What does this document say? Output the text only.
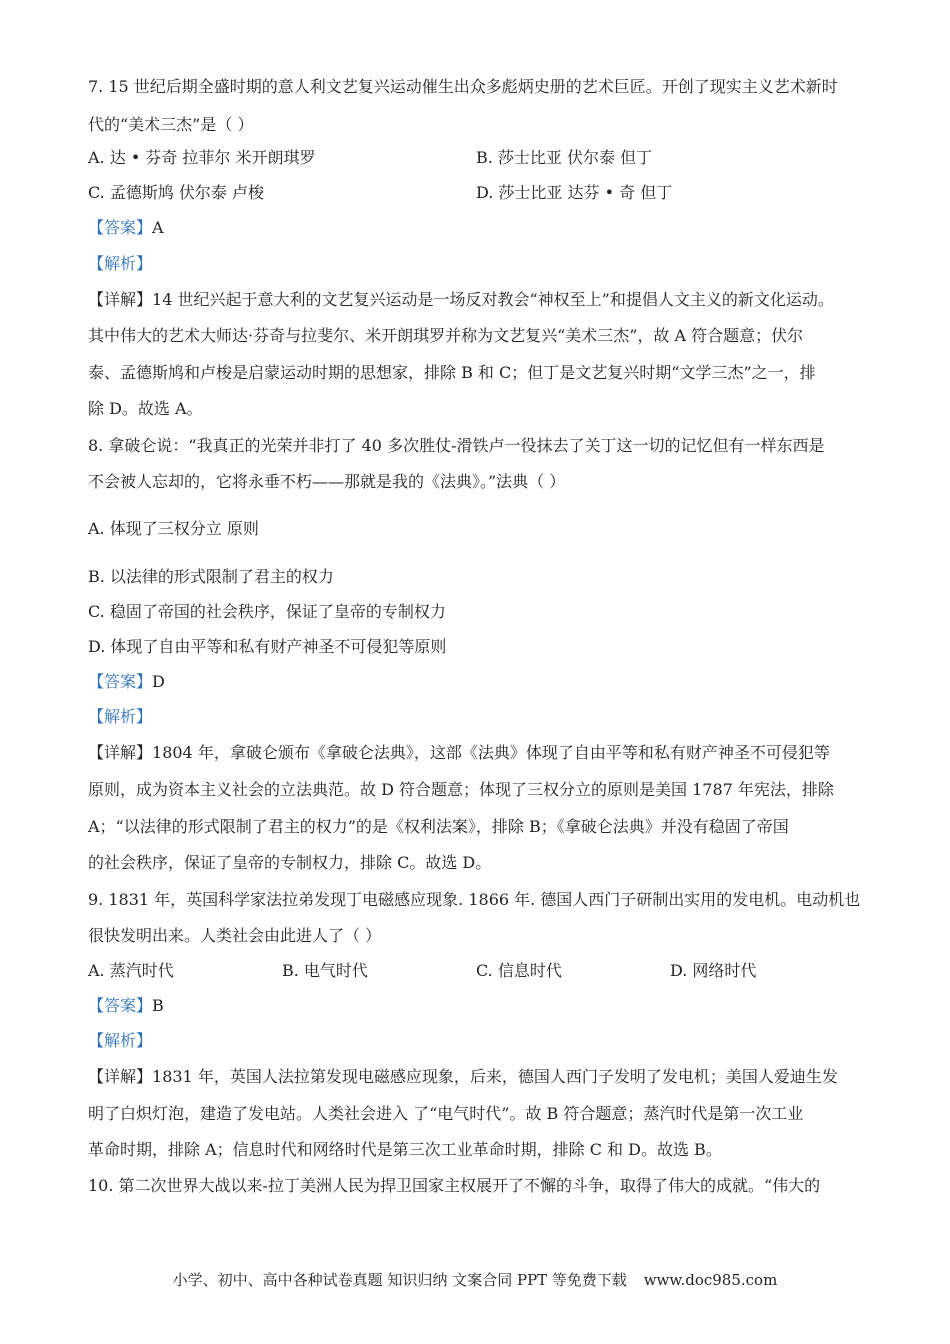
7. 15 世纪后期全盛时期的意人利文艺复兴运动催生出众多彪炳史册的艺术巨匠。开创了现实主义艺术新时
代的“美术三杰”是（ ）
A. 达 • 芬奇 拉菲尔 米开朗琪罗	B. 莎士比亚 伏尔泰 但丁
C. 孟德斯鸠 伏尔泰 卢梭	D. 莎士比亚 达芬 • 奇 但丁
【答案】A
【解析】
【详解】14 世纪兴起于意大利的文艺复兴运动是一场反对教会“神权至上”和提倡人文主义的新文化运动。
其中伟大的艺术大师达·芬奇与拉斐尔、米开朗琪罗并称为文艺复兴“美术三杰”，故 A 符合题意；伏尔
泰、孟德斯鸠和卢梭是启蒙运动时期的思想家，排除 B 和 C；但丁是文艺复兴时期“文学三杰”之一，排
除 D。故选 A。
8. 拿破仑说：“我真正的光荣并非打了 40 多次胜仗-滑铁卢一役抹去了关丁这一切的记忆但有一样东西是
不会被人忘却的，它将永垂不朽——那就是我的《法典》。”法典（ ）
A. 体现了三权分立 原则
B. 以法律的形式限制了君主的权力
C. 稳固了帝国的社会秩序，保证了皇帝的专制权力
D. 体现了自由平等和私有财产神圣不可侵犯等原则
【答案】D
【解析】
【详解】1804 年，拿破仑颁布《拿破仑法典》，这部《法典》体现了自由平等和私有财产神圣不可侵犯等
原则，成为资本主义社会的立法典范。故 D 符合题意；体现了三权分立的原则是美国 1787 年宪法，排除
A；“以法律的形式限制了君主的权力”的是《权利法案》，排除 B；《拿破仑法典》并没有稳固了帝国
的社会秩序，保证了皇帝的专制权力，排除 C。故选 D。
9. 1831 年，英国科学家法拉弟发现丁电磁感应现象. 1866 年. 德国人西门子研制出实用的发电机。电动机也
很快发明出来。人类社会由此进人了（ ）
A. 蒸汽时代	B. 电气时代	C. 信息时代	D. 网络时代
【答案】B
【解析】
【详解】1831 年，英国人法拉第发现电磁感应现象，后来，德国人西门子发明了发电机；美国人爱迪生发
明了白炽灯泡，建造了发电站。人类社会进入 了“电气时代”。故 B 符合题意；蒸汽时代是第一次工业
革命时期，排除 A；信息时代和网络时代是第三次工业革命时期，排除 C 和 D。故选 B。
10. 第二次世界大战以来-拉丁美洲人民为捍卫国家主权展开了不懈的斗争，取得了伟大的成就。“伟大的
小学、初中、高中各种试卷真题 知识归纳 文案合同 PPT 等免费下载 www.doc985.com
